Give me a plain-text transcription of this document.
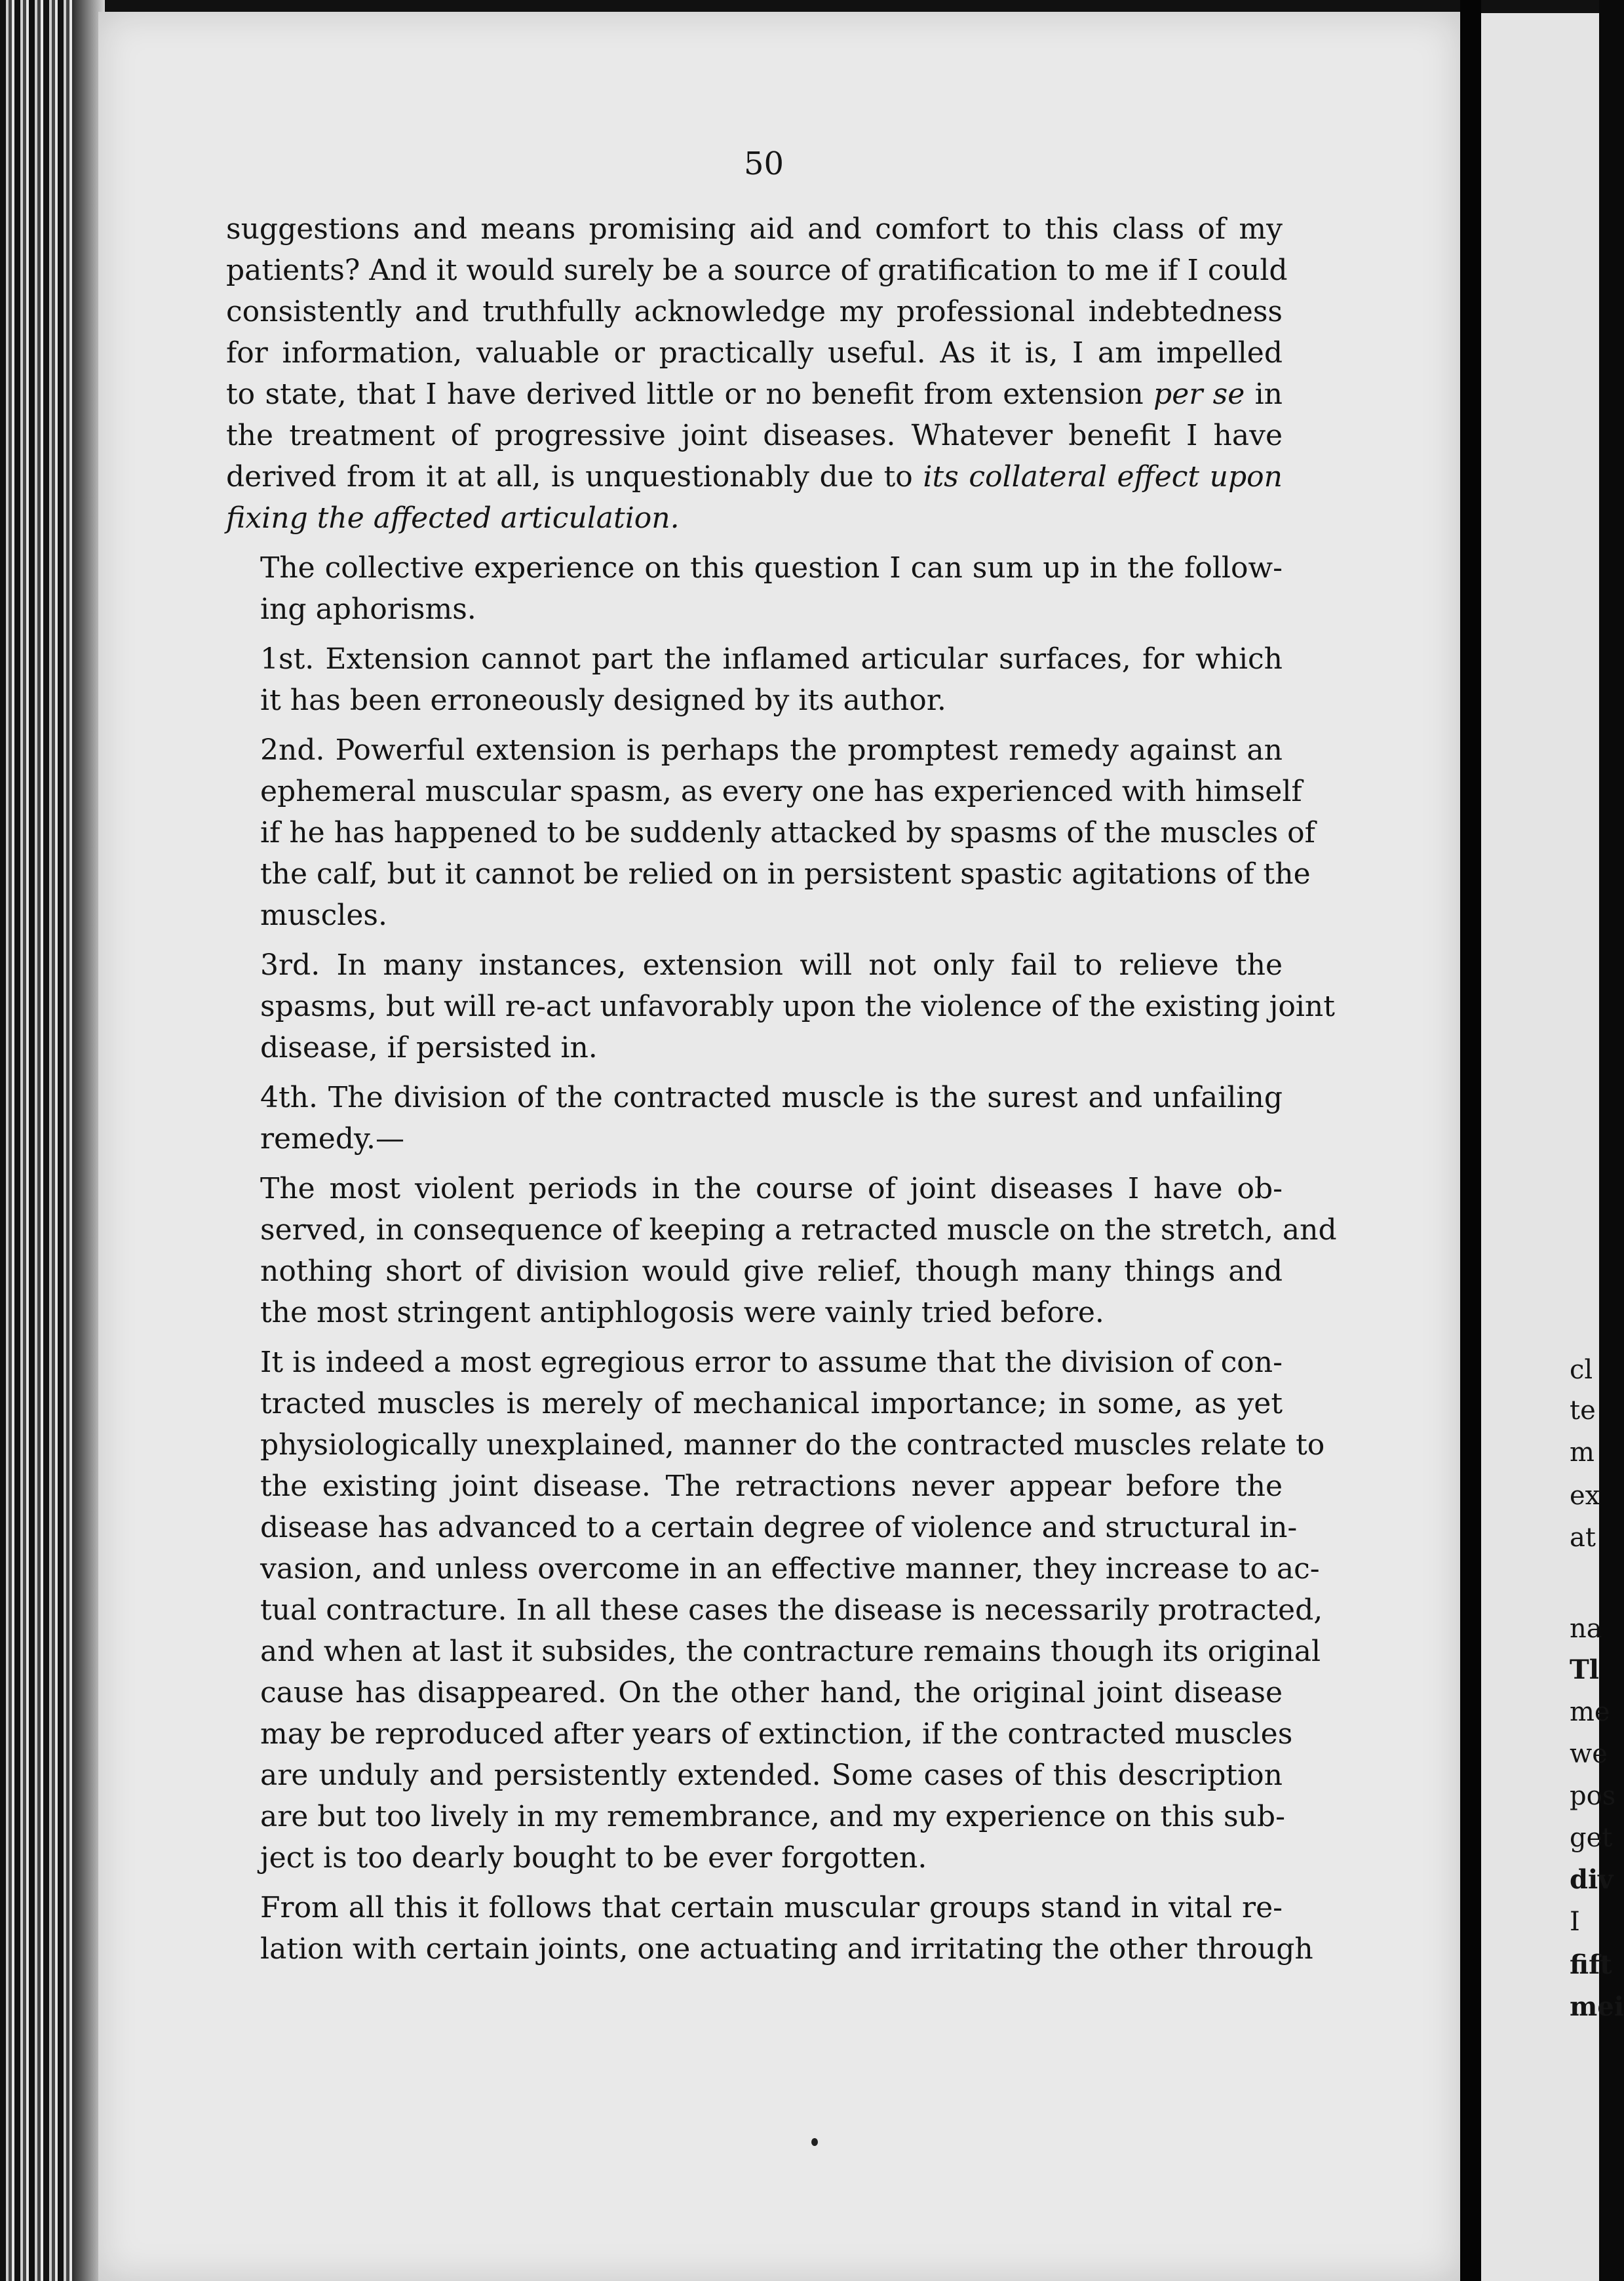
50

suggestions and means promising aid and comfort to this class of my
patients? And it would surely be a source of gratification to me if I could
consistently and truthfully acknowledge my professional indebtedness
for information, valuable or practically useful. As it is, I am impelled
to state, that I have derived little or no benefit from extension per se in
the treatment of progressive joint diseases. Whatever benefit I have
derived from it at all, is unquestionably due to its collateral effect upon
fixing the affected articulation.

The collective experience on this question I can sum up in the follow-
ing aphorisms.

1st. Extension cannot part the inflamed articular surfaces, for which
it has been erroneously designed by its author.

2nd. Powerful extension is perhaps the promptest remedy against an
ephemeral muscular spasm, as every one has experienced with himself
if he has happened to be suddenly attacked by spasms of the muscles of
the calf, but it cannot be relied on in persistent spastic agitations of the
muscles.

3rd. In many instances, extension will not only fail to relieve the
spasms, but will re-act unfavorably upon the violence of the existing joint
disease, if persisted in.

4th. The division of the contracted muscle is the surest and unfailing
remedy.—

The most violent periods in the course of joint diseases I have ob-
served, in consequence of keeping a retracted muscle on the stretch, and
nothing short of division would give relief, though many things and
the most stringent antiphlogosis were vainly tried before.

It is indeed a most egregious error to assume that the division of con-
tracted muscles is merely of mechanical importance; in some, as yet
physiologically unexplained, manner do the contracted muscles relate to
the existing joint disease. The retractions never appear before the
disease has advanced to a certain degree of violence and structural in-
vasion, and unless overcome in an effective manner, they increase to ac-
tual contracture. In all these cases the disease is necessarily protracted,
and when at last it subsides, the contracture remains though its original
cause has disappeared. On the other hand, the original joint disease
may be reproduced after years of extinction, if the contracted muscles
are unduly and persistently extended. Some cases of this description
are but too lively in my remembrance, and my experience on this sub-
ject is too dearly bought to be ever forgotten.

From all this it follows that certain muscular groups stand in vital re-
lation with certain joints, one actuating and irritating the other through

cl
te
m
ex
at
na
Tl
me
we
pos
get
div
I
fift
mei
